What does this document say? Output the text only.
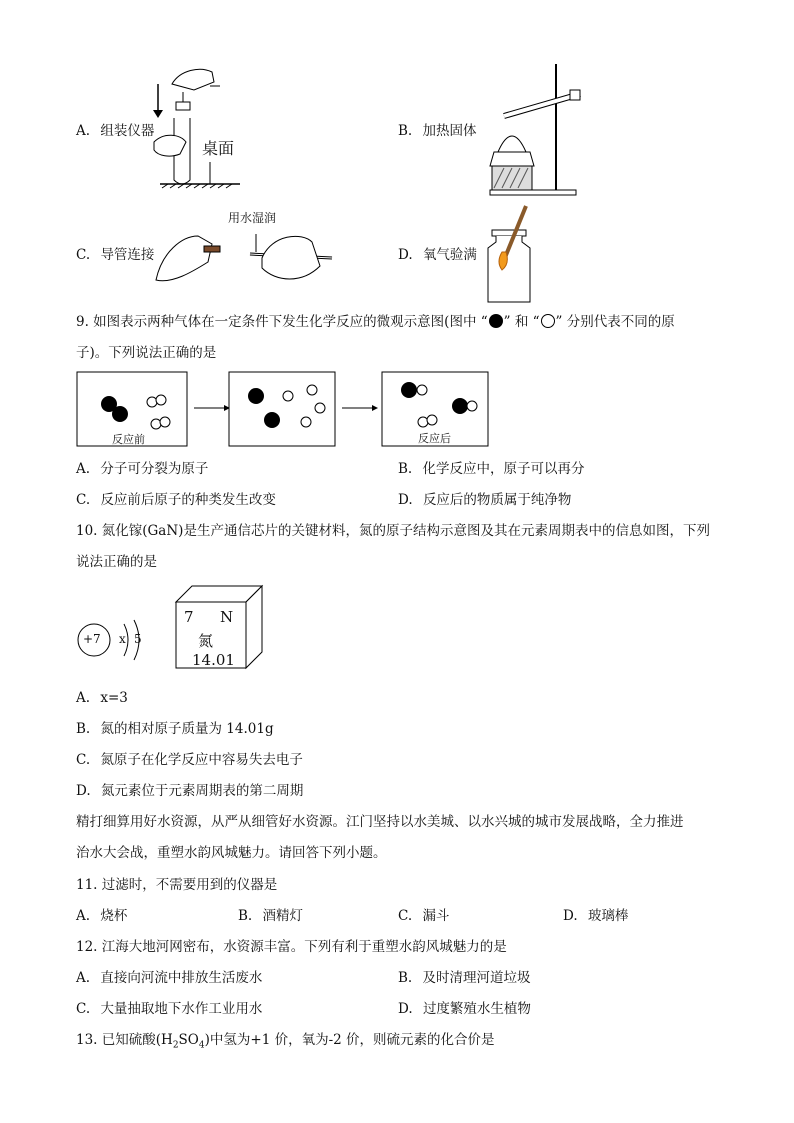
A. 组装仪器
桌面
B. 加热固体
C. 导管连接
用水湿润
D. 氧气验满
9. 如图表示两种气体在一定条件下发生化学反应的微观示意图(图中 “ ” 和 “ ” 分别代表不同的原
子)。下列说法正确的是
反应前	反应后
A. 分子可分裂为原子	B. 化学反应中，原子可以再分
C. 反应前后原子的种类发生改变	D. 反应后的物质属于纯净物
10. 氮化镓(GaN)是生产通信芯片的关键材料，氮的原子结构示意图及其在元素周期表中的信息如图，下列
说法正确的是
+7 x 5
7 N
氮
14.01
A. x=3
B. 氮的相对原子质量为 14.01g
C. 氮原子在化学反应中容易失去电子
D. 氮元素位于元素周期表的第二周期
精打细算用好水资源，从严从细管好水资源。江门坚持以水美城、以水兴城的城市发展战略，全力推进
治水大会战，重塑水韵风城魅力。请回答下列小题。
11. 过滤时，不需要用到的仪器是
A. 烧杯	B. 酒精灯	C. 漏斗	D. 玻璃棒
12. 江海大地河网密布，水资源丰富。下列有利于重塑水韵风城魅力的是
A. 直接向河流中排放生活废水	B. 及时清理河道垃圾
C. 大量抽取地下水作工业用水	D. 过度繁殖水生植物
13. 已知硫酸$(H_2SO_4)$中氢为+1 价，氧为-2 价，则硫元素的化合价是
